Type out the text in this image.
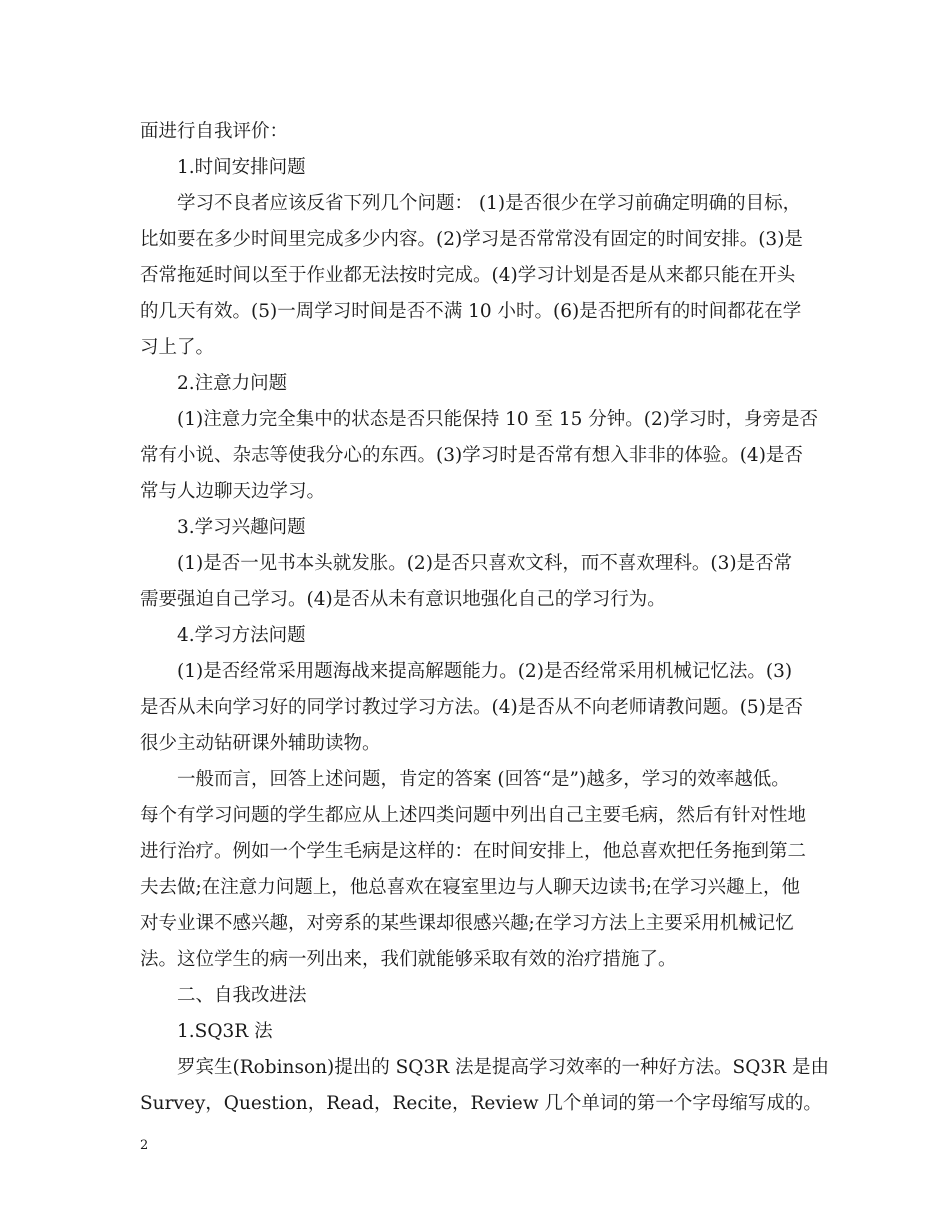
面进行自我评价：
1.时间安排问题
学习不良者应该反省下列几个问题： (1)是否很少在学习前确定明确的目标，
比如要在多少时间里完成多少内容。(2)学习是否常常没有固定的时间安排。(3)是
否常拖延时间以至于作业都无法按时完成。(4)学习计划是否是从来都只能在开头
的几天有效。(5)一周学习时间是否不满 10 小时。(6)是否把所有的时间都花在学
习上了。
2.注意力问题
(1)注意力完全集中的状态是否只能保持 10 至 15 分钟。(2)学习时，身旁是否
常有小说、杂志等使我分心的东西。(3)学习时是否常有想入非非的体验。(4)是否
常与人边聊天边学习。
3.学习兴趣问题
(1)是否一见书本头就发胀。(2)是否只喜欢文科，而不喜欢理科。(3)是否常
需要强迫自己学习。(4)是否从未有意识地强化自己的学习行为。
4.学习方法问题
(1)是否经常采用题海战来提高解题能力。(2)是否经常采用机械记忆法。(3)
是否从未向学习好的同学讨教过学习方法。(4)是否从不向老师请教问题。(5)是否
很少主动钻研课外辅助读物。
一般而言，回答上述问题，肯定的答案 (回答“是”)越多，学习的效率越低。
每个有学习问题的学生都应从上述四类问题中列出自己主要毛病，然后有针对性地
进行治疗。例如一个学生毛病是这样的：在时间安排上，他总喜欢把任务拖到第二
夫去做;在注意力问题上，他总喜欢在寝室里边与人聊天边读书;在学习兴趣上，他
对专业课不感兴趣，对旁系的某些课却很感兴趣;在学习方法上主要采用机械记忆
法。这位学生的病一列出来，我们就能够采取有效的治疗措施了。
二、自我改进法
1.SQ3R 法
罗宾生(Robinson)提出的 SQ3R 法是提高学习效率的一种好方法。SQ3R 是由
Survey，Question，Read，Recite，Review 几个单词的第一个字母缩写成的。
2
